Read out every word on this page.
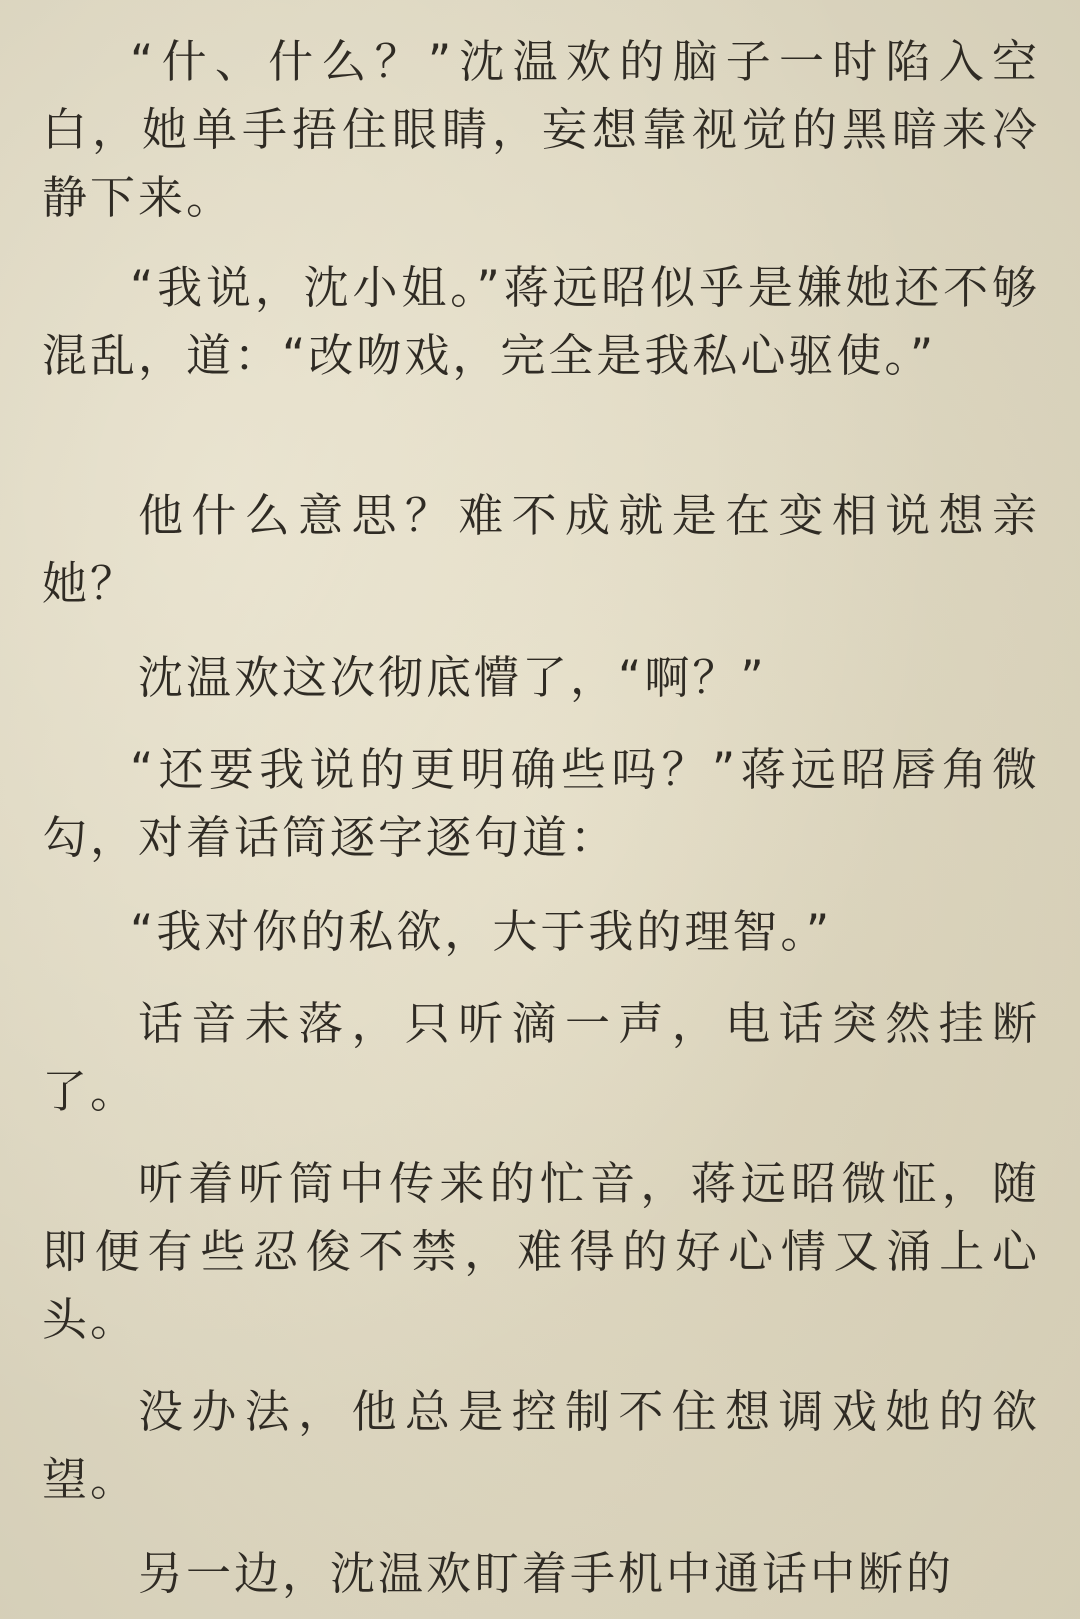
“什、什么？”沈温欢的脑子一时陷入空白，她单手捂住眼睛，妄想靠视觉的黑暗来冷静下来。

“我说，沈小姐。”蒋远昭似乎是嫌她还不够混乱，道：“改吻戏，完全是我私心驱使。”

他什么意思？难不成就是在变相说想亲她？

沈温欢这次彻底懵了，“啊？”

“还要我说的更明确些吗？”蒋远昭唇角微勾，对着话筒逐字逐句道：

“我对你的私欲，大于我的理智。”

话音未落，只听滴一声，电话突然挂断了。

听着听筒中传来的忙音，蒋远昭微怔，随即便有些忍俊不禁，难得的好心情又涌上心头。

没办法，他总是控制不住想调戏她的欲望。

另一边，沈温欢盯着手机中通话中断的
